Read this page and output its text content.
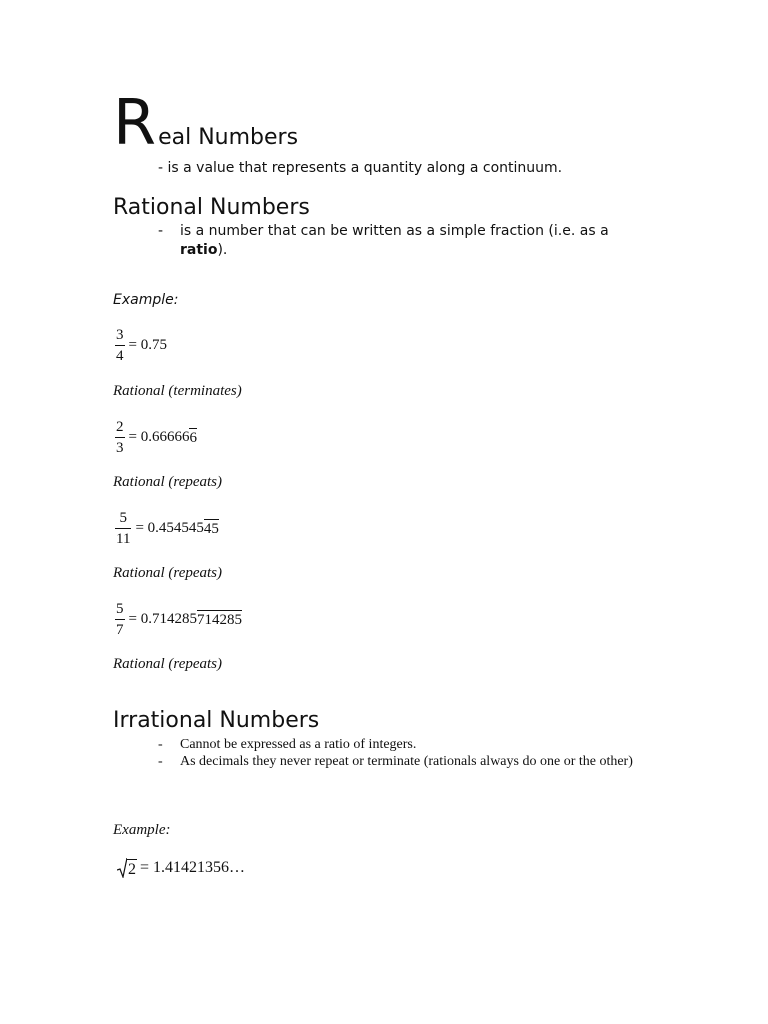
Real Numbers
- is a value that represents a quantity along a continuum.
Rational Numbers
-	is a number that can be written as a simple fraction (i.e. as a ratio).
Example:
$\frac{3}{4} = 0.75$
Rational (terminates)
$\frac{2}{3} = 0.66666$ 6
Rational (repeats)
$\frac{5}{11} = 0.454545$ 45
Rational (repeats)
$\frac{5}{7} = 0.714285$ 714285
Rational (repeats)
Irrational Numbers
-	Cannot be expressed as a ratio of integers.
-	As decimals they never repeat or terminate (rationals always do one or the other)
Example:
2 = 1.41421356 …
